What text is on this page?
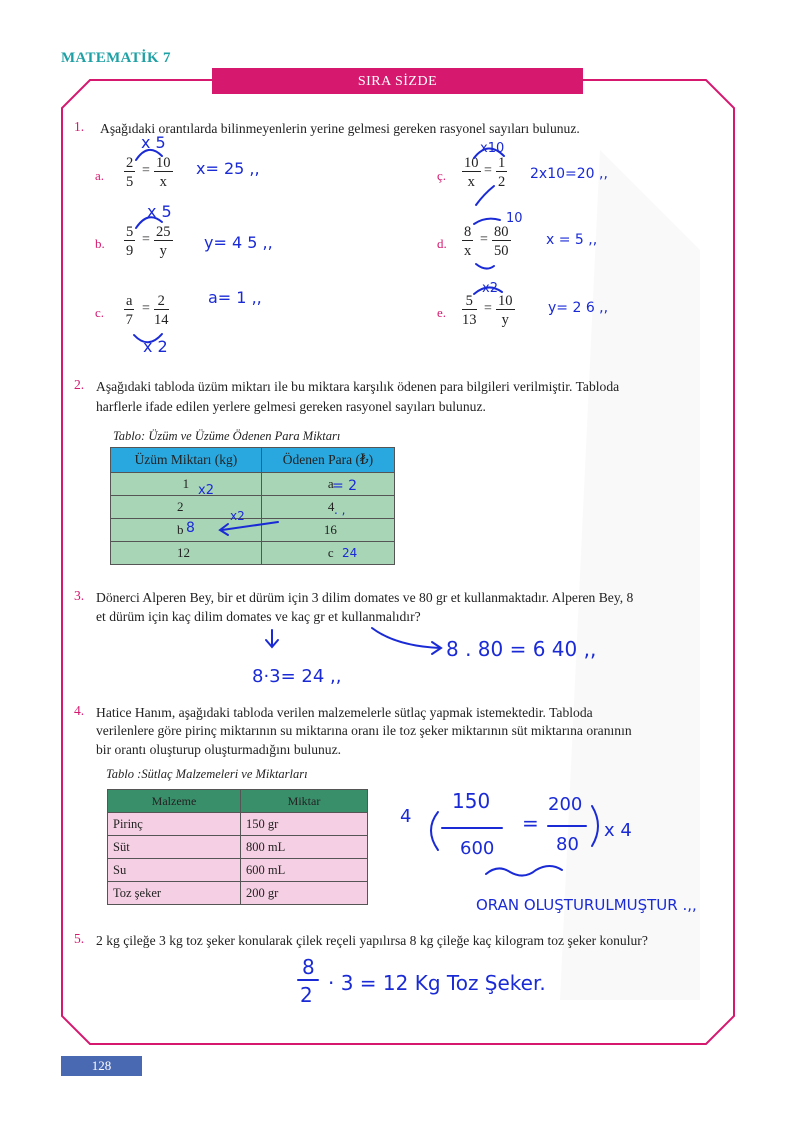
MATEMATİK 7
SIRA SİZDE
1. Aşağıdaki orantılarda bilinmeyenlerin yerine gelmesi gereken rasyonel sayıları bulunuz.
a. $\frac{2}{5} = \frac{10}{x}$
b. $\frac{5}{9} = \frac{25}{y}$
c. $\frac{a}{7} = \frac{2}{14}$
ç. $\frac{10}{x} = \frac{1}{2}$
d. $\frac{8}{x} = \frac{80}{50}$
e. $\frac{5}{13} = \frac{10}{y}$
2. Aşağıdaki tabloda üzüm miktarı ile bu miktara karşılık ödenen para bilgileri verilmiştir. Tabloda
harflerle ifade edilen yerlere gelmesi gereken rasyonel sayıları bulunuz.
Tablo: Üzüm ve Üzüme Ödenen Para Miktarı
Üzüm Miktarı (kg)	Ödenen Para (₺)
1	a
2	4
b	16
12	c
3. Dönerci Alperen Bey, bir et dürüm için 3 dilim domates ve 80 gr et kullanmaktadır. Alperen Bey, 8
et dürüm için kaç dilim domates ve kaç gr et kullanmalıdır?
4. Hatice Hanım, aşağıdaki tabloda verilen malzemelerle sütlaç yapmak istemektedir. Tabloda
verilenlere göre pirinç miktarının su miktarına oranı ile toz şeker miktarının süt miktarına oranının
bir orantı oluşturup oluşturmadığını bulunuz.
Tablo :Sütlaç Malzemeleri ve Miktarları
Malzeme	Miktar
Pirinç	150 gr
Süt	800 mL
Su	600 mL
Toz şeker	200 gr
5. 2 kg çileğe 3 kg toz şeker konularak çilek reçeli yapılırsa 8 kg çileğe kaç kilogram toz şeker konulur?
x 5
x= 25 ,,
x 5
y= 4 5 ,,
x 2
a= 1 ,,
x10
2x10=20 ,,
10
x = 5 ,,
x2
y= 2 6 ,,
= 2
x2
8
x2	. ,
24
8 . 80 = 6 40 ,,
8·3= 24 ,,
150
600
=
200
80
4
x 4
ORAN OLUŞTURULMUŞTUR .,,
8
2 · 3 = 12 Kg Toz Şeker.
128
